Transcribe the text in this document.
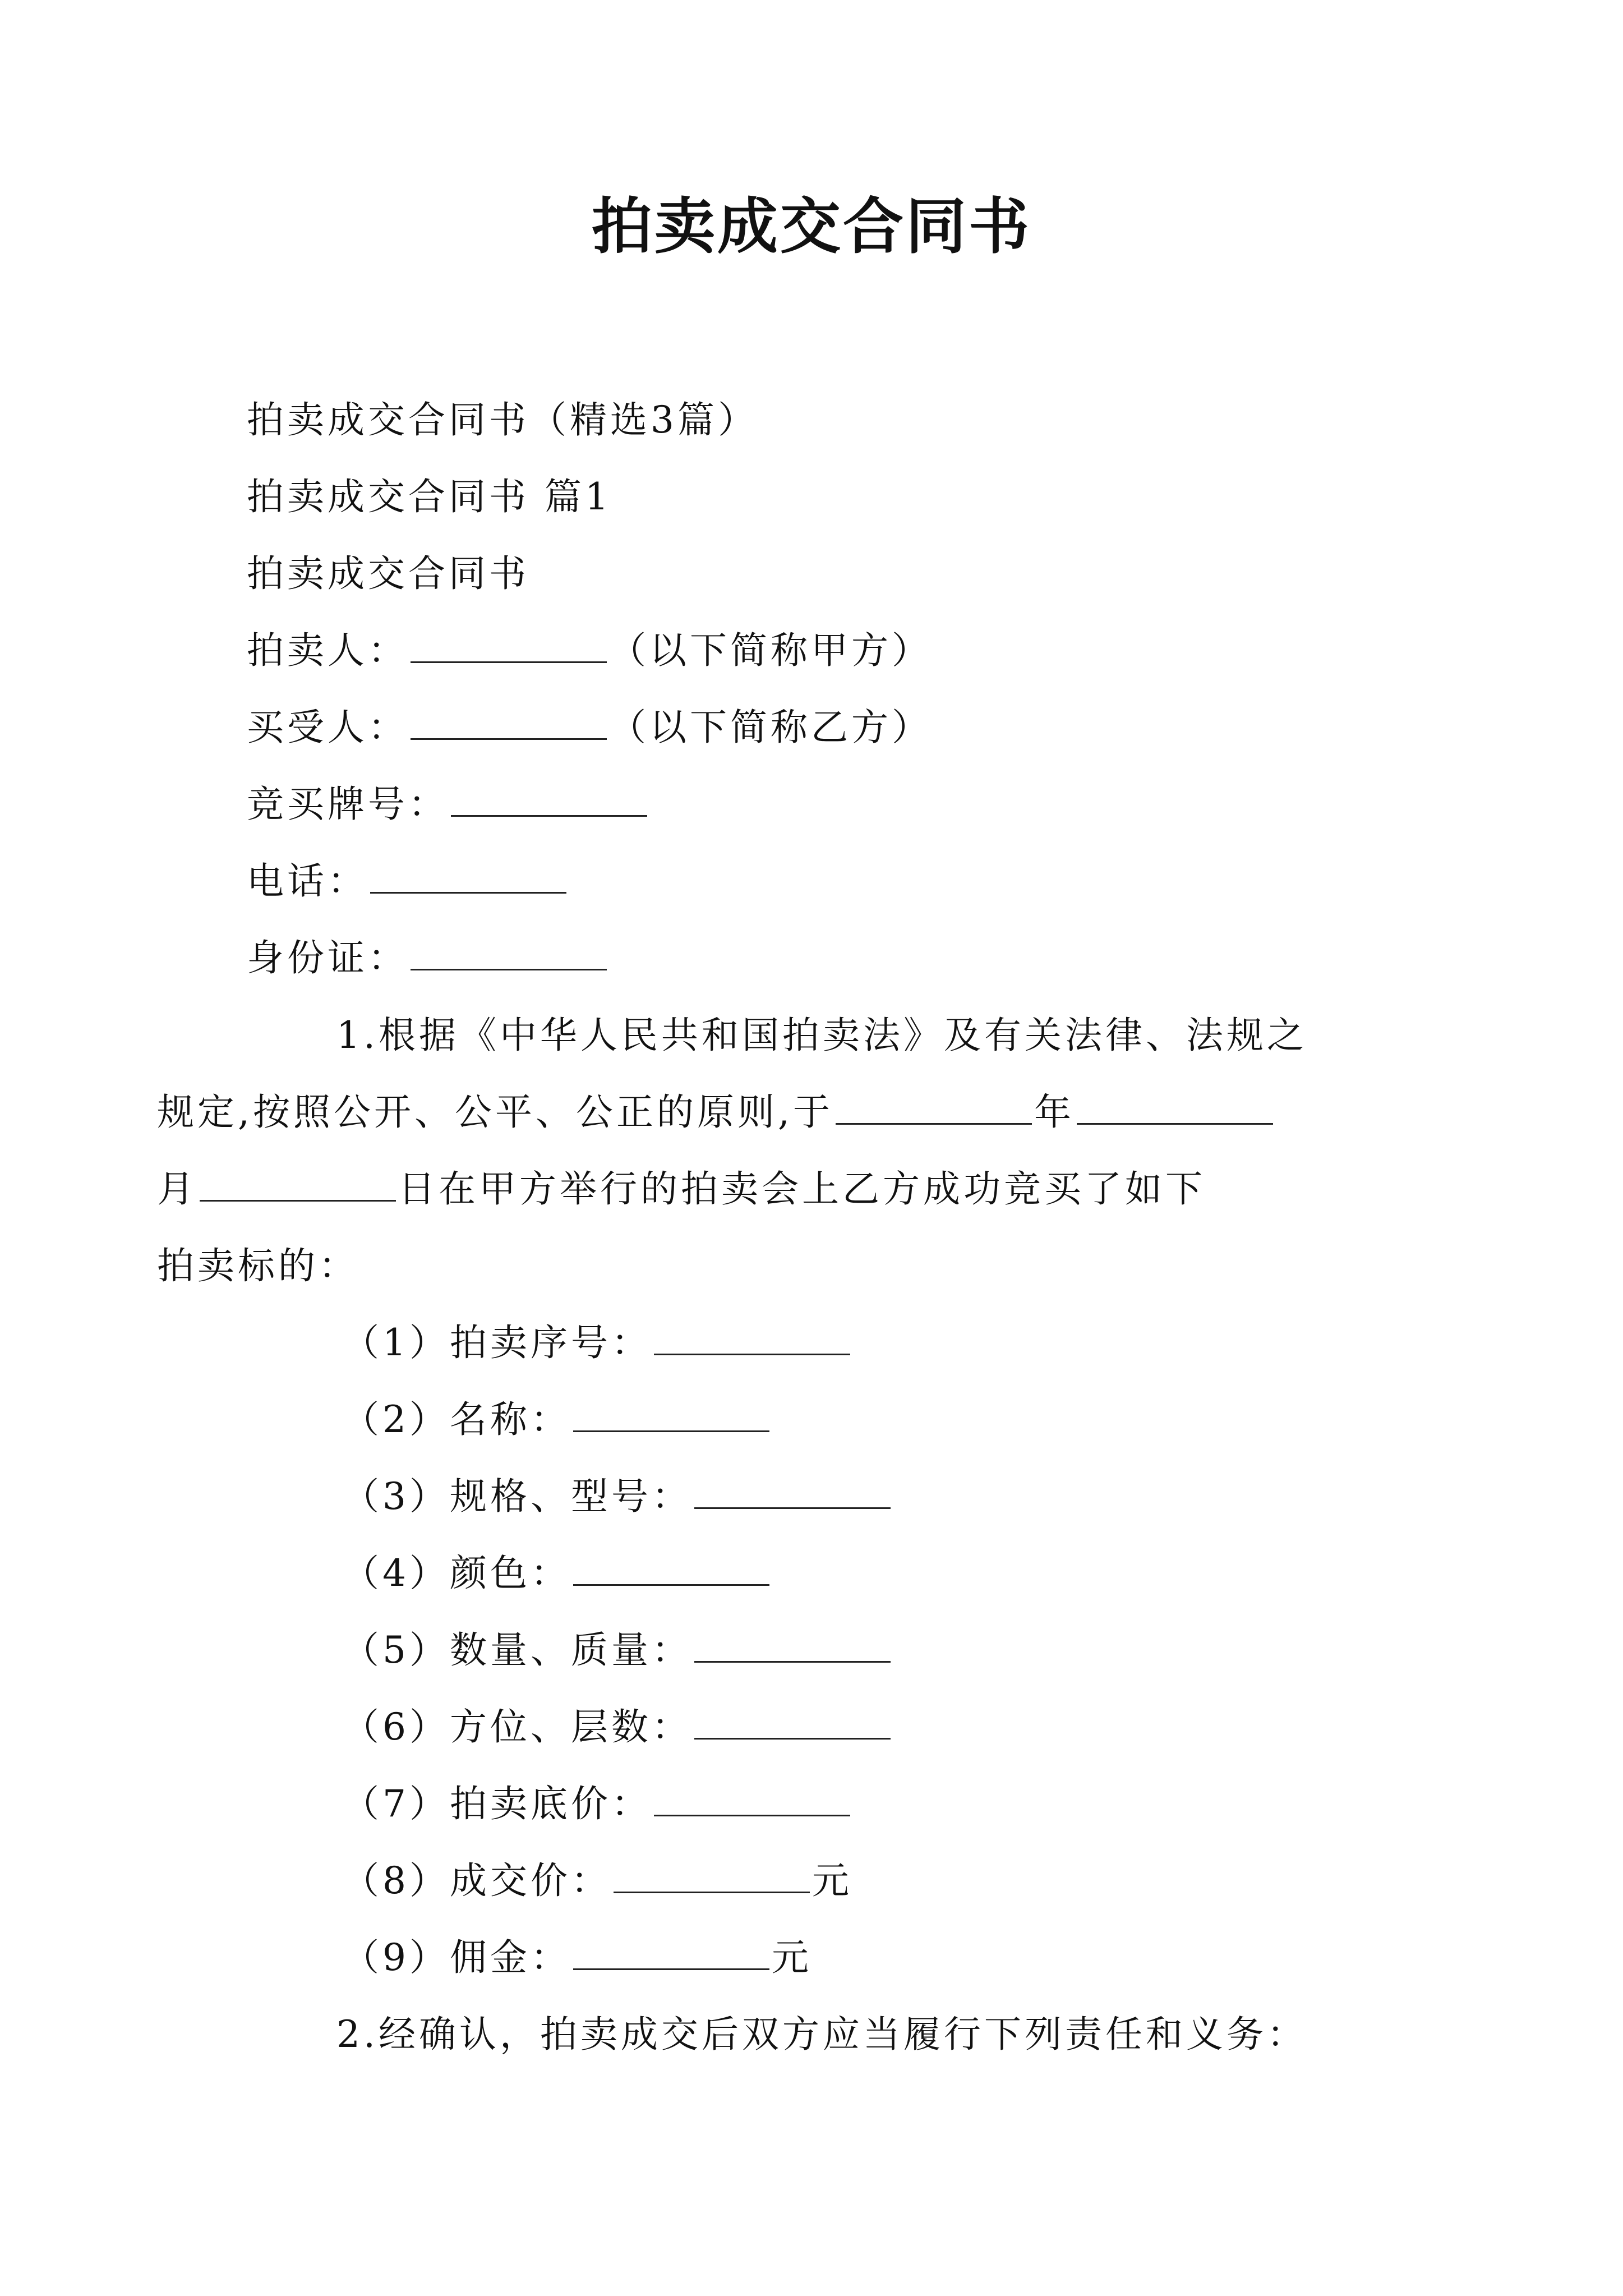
拍卖成交合同书
拍卖成交合同书（精选3篇）
拍卖成交合同书 篇1
拍卖成交合同书
拍卖人：	（以下简称甲方）
买受人：	（以下简称乙方）
竞买牌号：
电话：
身份证：
1.根据《中华人民共和国拍卖法》及有关法律、法规之
规定,按照公开、公平、公正的原则,于	年
月	日在甲方举行的拍卖会上乙方成功竞买了如下
拍卖标的：
（1）拍卖序号：
（2）名称：
（3）规格、型号：
（4）颜色：
（5）数量、质量：
（6）方位、层数：
（7）拍卖底价：
（8）成交价：	元
（9）佣金：	元
2.经确认，拍卖成交后双方应当履行下列责任和义务：
